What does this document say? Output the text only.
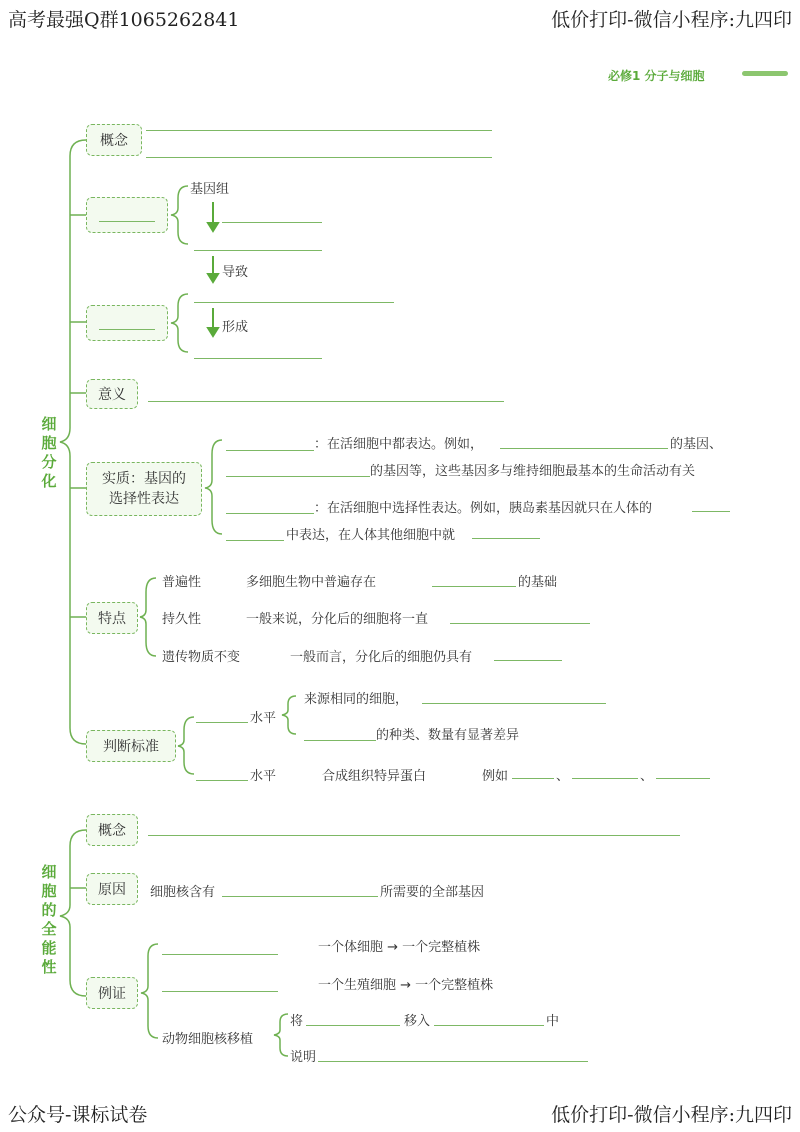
高考最强Q群1065262841	低价打印-微信小程序:九四印
公众号-课标试卷	低价打印-微信小程序:九四印
必修1 分子与细胞
细胞分化
概念
基因组
导致
形成
意义
实质：基因的
选择性表达
：在活细胞中都表达。例如，	的基因、
的基因等，这些基因多与维持细胞最基本的生命活动有关
：在活细胞中选择性表达。例如，胰岛素基因就只在人体的
中表达，在人体其他细胞中就
特点
普遍性	多细胞生物中普遍存在	的基础
持久性	一般来说，分化后的细胞将一直
遗传物质不变	一般而言，分化后的细胞仍具有
判断标准
水平
来源相同的细胞，
的种类、数量有显著差异
水平	合成组织特异蛋白	例如	、	、
细胞的全能性
概念
原因	细胞核含有	所需要的全部基因
例证
一个体细胞 → 一个完整植株
一个生殖细胞 → 一个完整植株
动物细胞核移植
将	移入	中
说明
